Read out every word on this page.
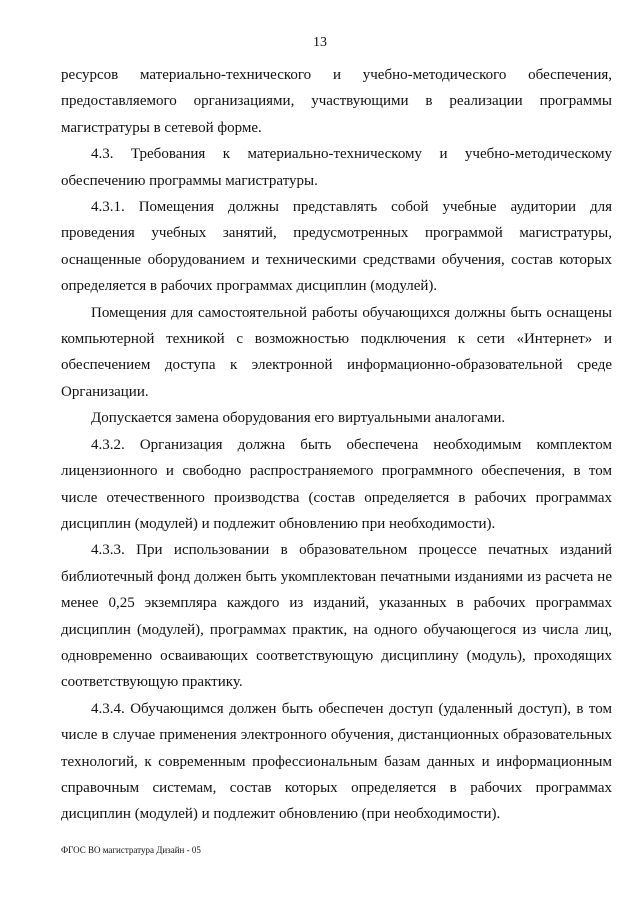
13

ресурсов материально-технического и учебно-методического обеспечения, предоставляемого организациями, участвующими в реализации программы магистратуры в сетевой форме.

4.3. Требования к материально-техническому и учебно-методическому обеспечению программы магистратуры.

4.3.1. Помещения должны представлять собой учебные аудитории для проведения учебных занятий, предусмотренных программой магистратуры, оснащенные оборудованием и техническими средствами обучения, состав которых определяется в рабочих программах дисциплин (модулей).

Помещения для самостоятельной работы обучающихся должны быть оснащены компьютерной техникой с возможностью подключения к сети «Интернет» и обеспечением доступа к электронной информационно-образовательной среде Организации.

Допускается замена оборудования его виртуальными аналогами.

4.3.2. Организация должна быть обеспечена необходимым комплектом лицензионного и свободно распространяемого программного обеспечения, в том числе отечественного производства (состав определяется в рабочих программах дисциплин (модулей) и подлежит обновлению при необходимости).

4.3.3. При использовании в образовательном процессе печатных изданий библиотечный фонд должен быть укомплектован печатными изданиями из расчета не менее 0,25 экземпляра каждого из изданий, указанных в рабочих программах дисциплин (модулей), программах практик, на одного обучающегося из числа лиц, одновременно осваивающих соответствующую дисциплину (модуль), проходящих соответствующую практику.

4.3.4. Обучающимся должен быть обеспечен доступ (удаленный доступ), в том числе в случае применения электронного обучения, дистанционных образовательных технологий, к современным профессиональным базам данных и информационным справочным системам, состав которых определяется в рабочих программах дисциплин (модулей) и подлежит обновлению (при необходимости).

ФГОС ВО магистратура Дизайн - 05
